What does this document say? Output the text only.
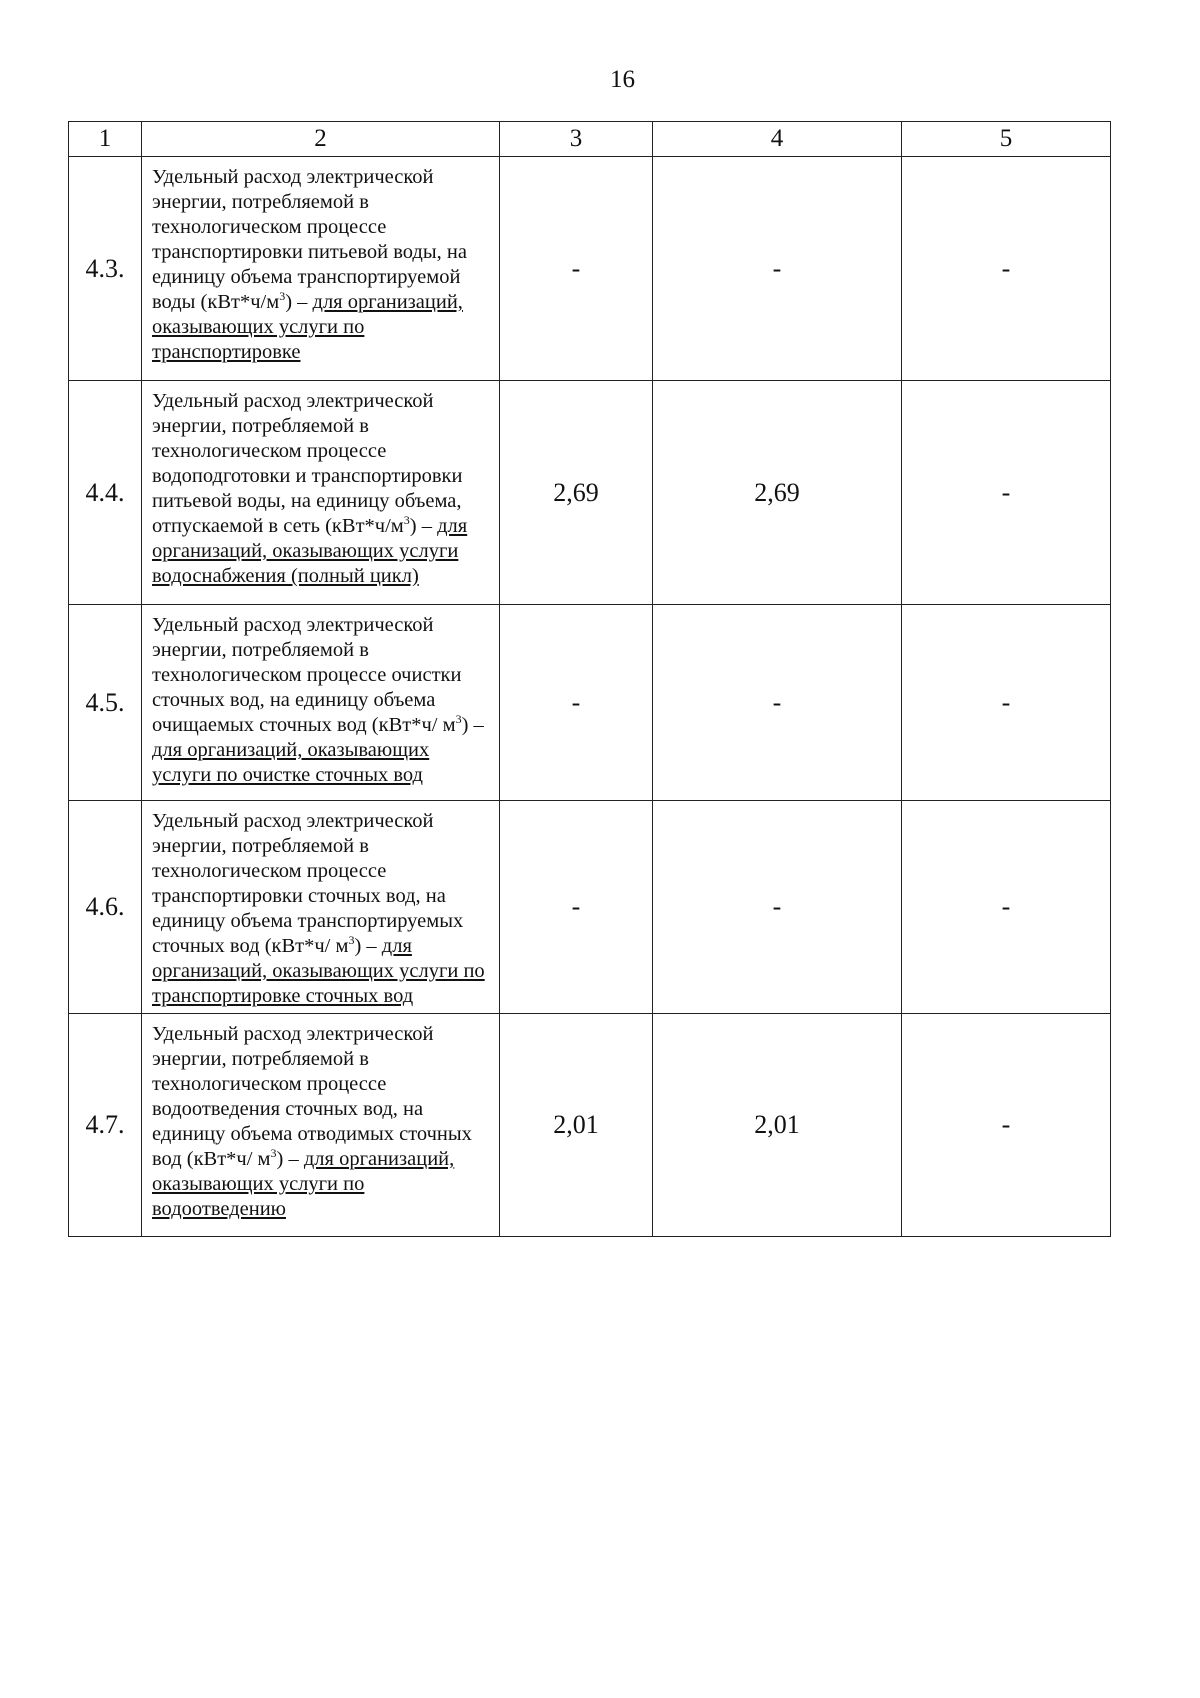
16
1	2	3	4	5
4.3.	Удельный расход электрической энергии, потребляемой в технологическом процессе транспортировки питьевой воды, на единицу объема транспортируемой воды $(кВт*ч/м^3)$ – для организаций, оказывающих услуги по транспортировке	-	-	-
4.4.	Удельный расход электрической энергии, потребляемой в технологическом процессе водоподготовки и транспортировки питьевой воды, на единицу объема, отпускаемой в сеть $(кВт*ч/м^3)$ – для организаций, оказывающих услуги водоснабжения (полный цикл)	2,69	2,69	-
4.5.	Удельный расход электрической энергии, потребляемой в технологическом процессе очистки сточных вод, на единицу объема очищаемых сточных вод (кВт*ч/ $м^3$) – для организаций, оказывающих услуги по очистке сточных вод	-	-	-
4.6.	Удельный расход электрической энергии, потребляемой в технологическом процессе транспортировки сточных вод, на единицу объема транспортируемых сточных вод (кВт*ч/ $м^3$) – для организаций, оказывающих услуги по транспортировке сточных вод	-	-	-
4.7.	Удельный расход электрической энергии, потребляемой в технологическом процессе водоотведения сточных вод, на единицу объема отводимых сточных вод (кВт*ч/ $м^3$) – для организаций, оказывающих услуги по водоотведению	2,01	2,01	-
